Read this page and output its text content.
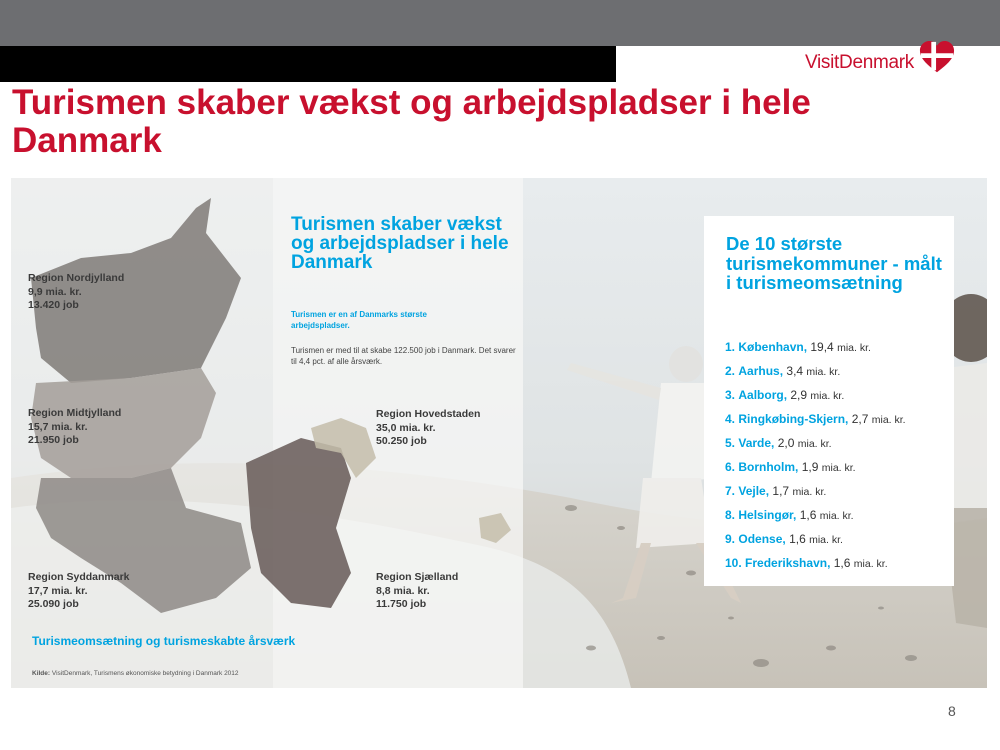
VisitDenmark
Turismen skaber vækst og arbejdspladser i hele Danmark
Region Nordjylland
9,9 mia. kr.
13.420 job
Region Midtjylland
15,7 mia. kr.
21.950 job
Region Syddanmark
17,7 mia. kr.
25.090 job
Region Hovedstaden
35,0 mia. kr.
50.250 job
Region Sjælland
8,8 mia. kr.
11.750 job
Turismen skaber vækst og arbejdspladser i hele Danmark
Turismen er en af Danmarks største arbejdspladser.
Turismen er med til at skabe 122.500 job i Danmark. Det svarer til 4,4 pct. af alle årsværk.
Turismeomsætning og turismeskabte årsværk
Kilde: VisitDenmark, Turismens økonomiske betydning i Danmark 2012
De 10 største turismekommuner - målt i turismeomsætning
1. København, 19,4 mia. kr.
2. Aarhus, 3,4 mia. kr.
3. Aalborg, 2,9 mia. kr.
4. Ringkøbing-Skjern, 2,7 mia. kr.
5. Varde, 2,0 mia. kr.
6. Bornholm, 1,9 mia. kr.
7. Vejle, 1,7 mia. kr.
8. Helsingør, 1,6 mia. kr.
9. Odense, 1,6 mia. kr.
10. Frederikshavn, 1,6 mia. kr.
8
